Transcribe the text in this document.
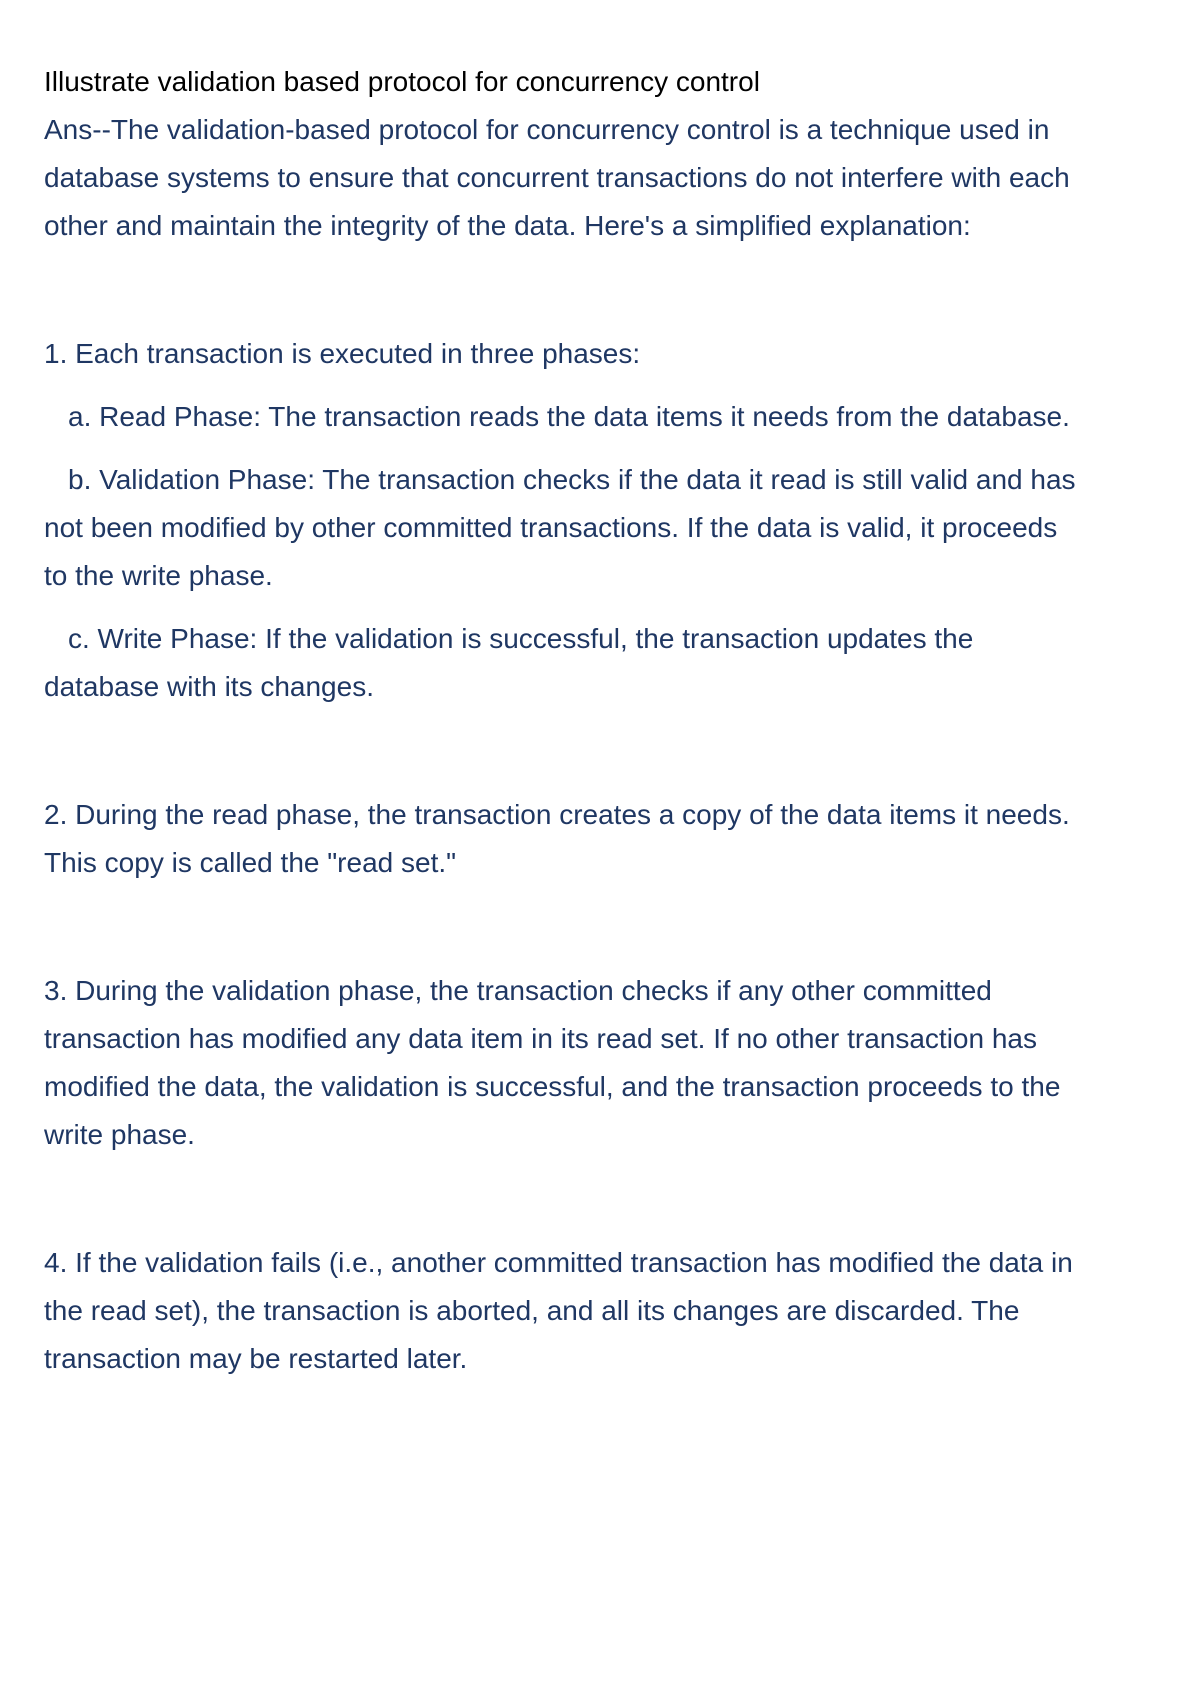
Illustrate validation based protocol for concurrency control

Ans--The validation-based protocol for concurrency control is a technique used in database systems to ensure that concurrent transactions do not interfere with each other and maintain the integrity of the data. Here's a simplified explanation:

1. Each transaction is executed in three phases:

a. Read Phase: The transaction reads the data items it needs from the database.

b. Validation Phase: The transaction checks if the data it read is still valid and has not been modified by other committed transactions. If the data is valid, it proceeds to the write phase.

c. Write Phase: If the validation is successful, the transaction updates the database with its changes.

2. During the read phase, the transaction creates a copy of the data items it needs. This copy is called the "read set."

3. During the validation phase, the transaction checks if any other committed transaction has modified any data item in its read set. If no other transaction has modified the data, the validation is successful, and the transaction proceeds to the write phase.

4. If the validation fails (i.e., another committed transaction has modified the data in the read set), the transaction is aborted, and all its changes are discarded. The transaction may be restarted later.
